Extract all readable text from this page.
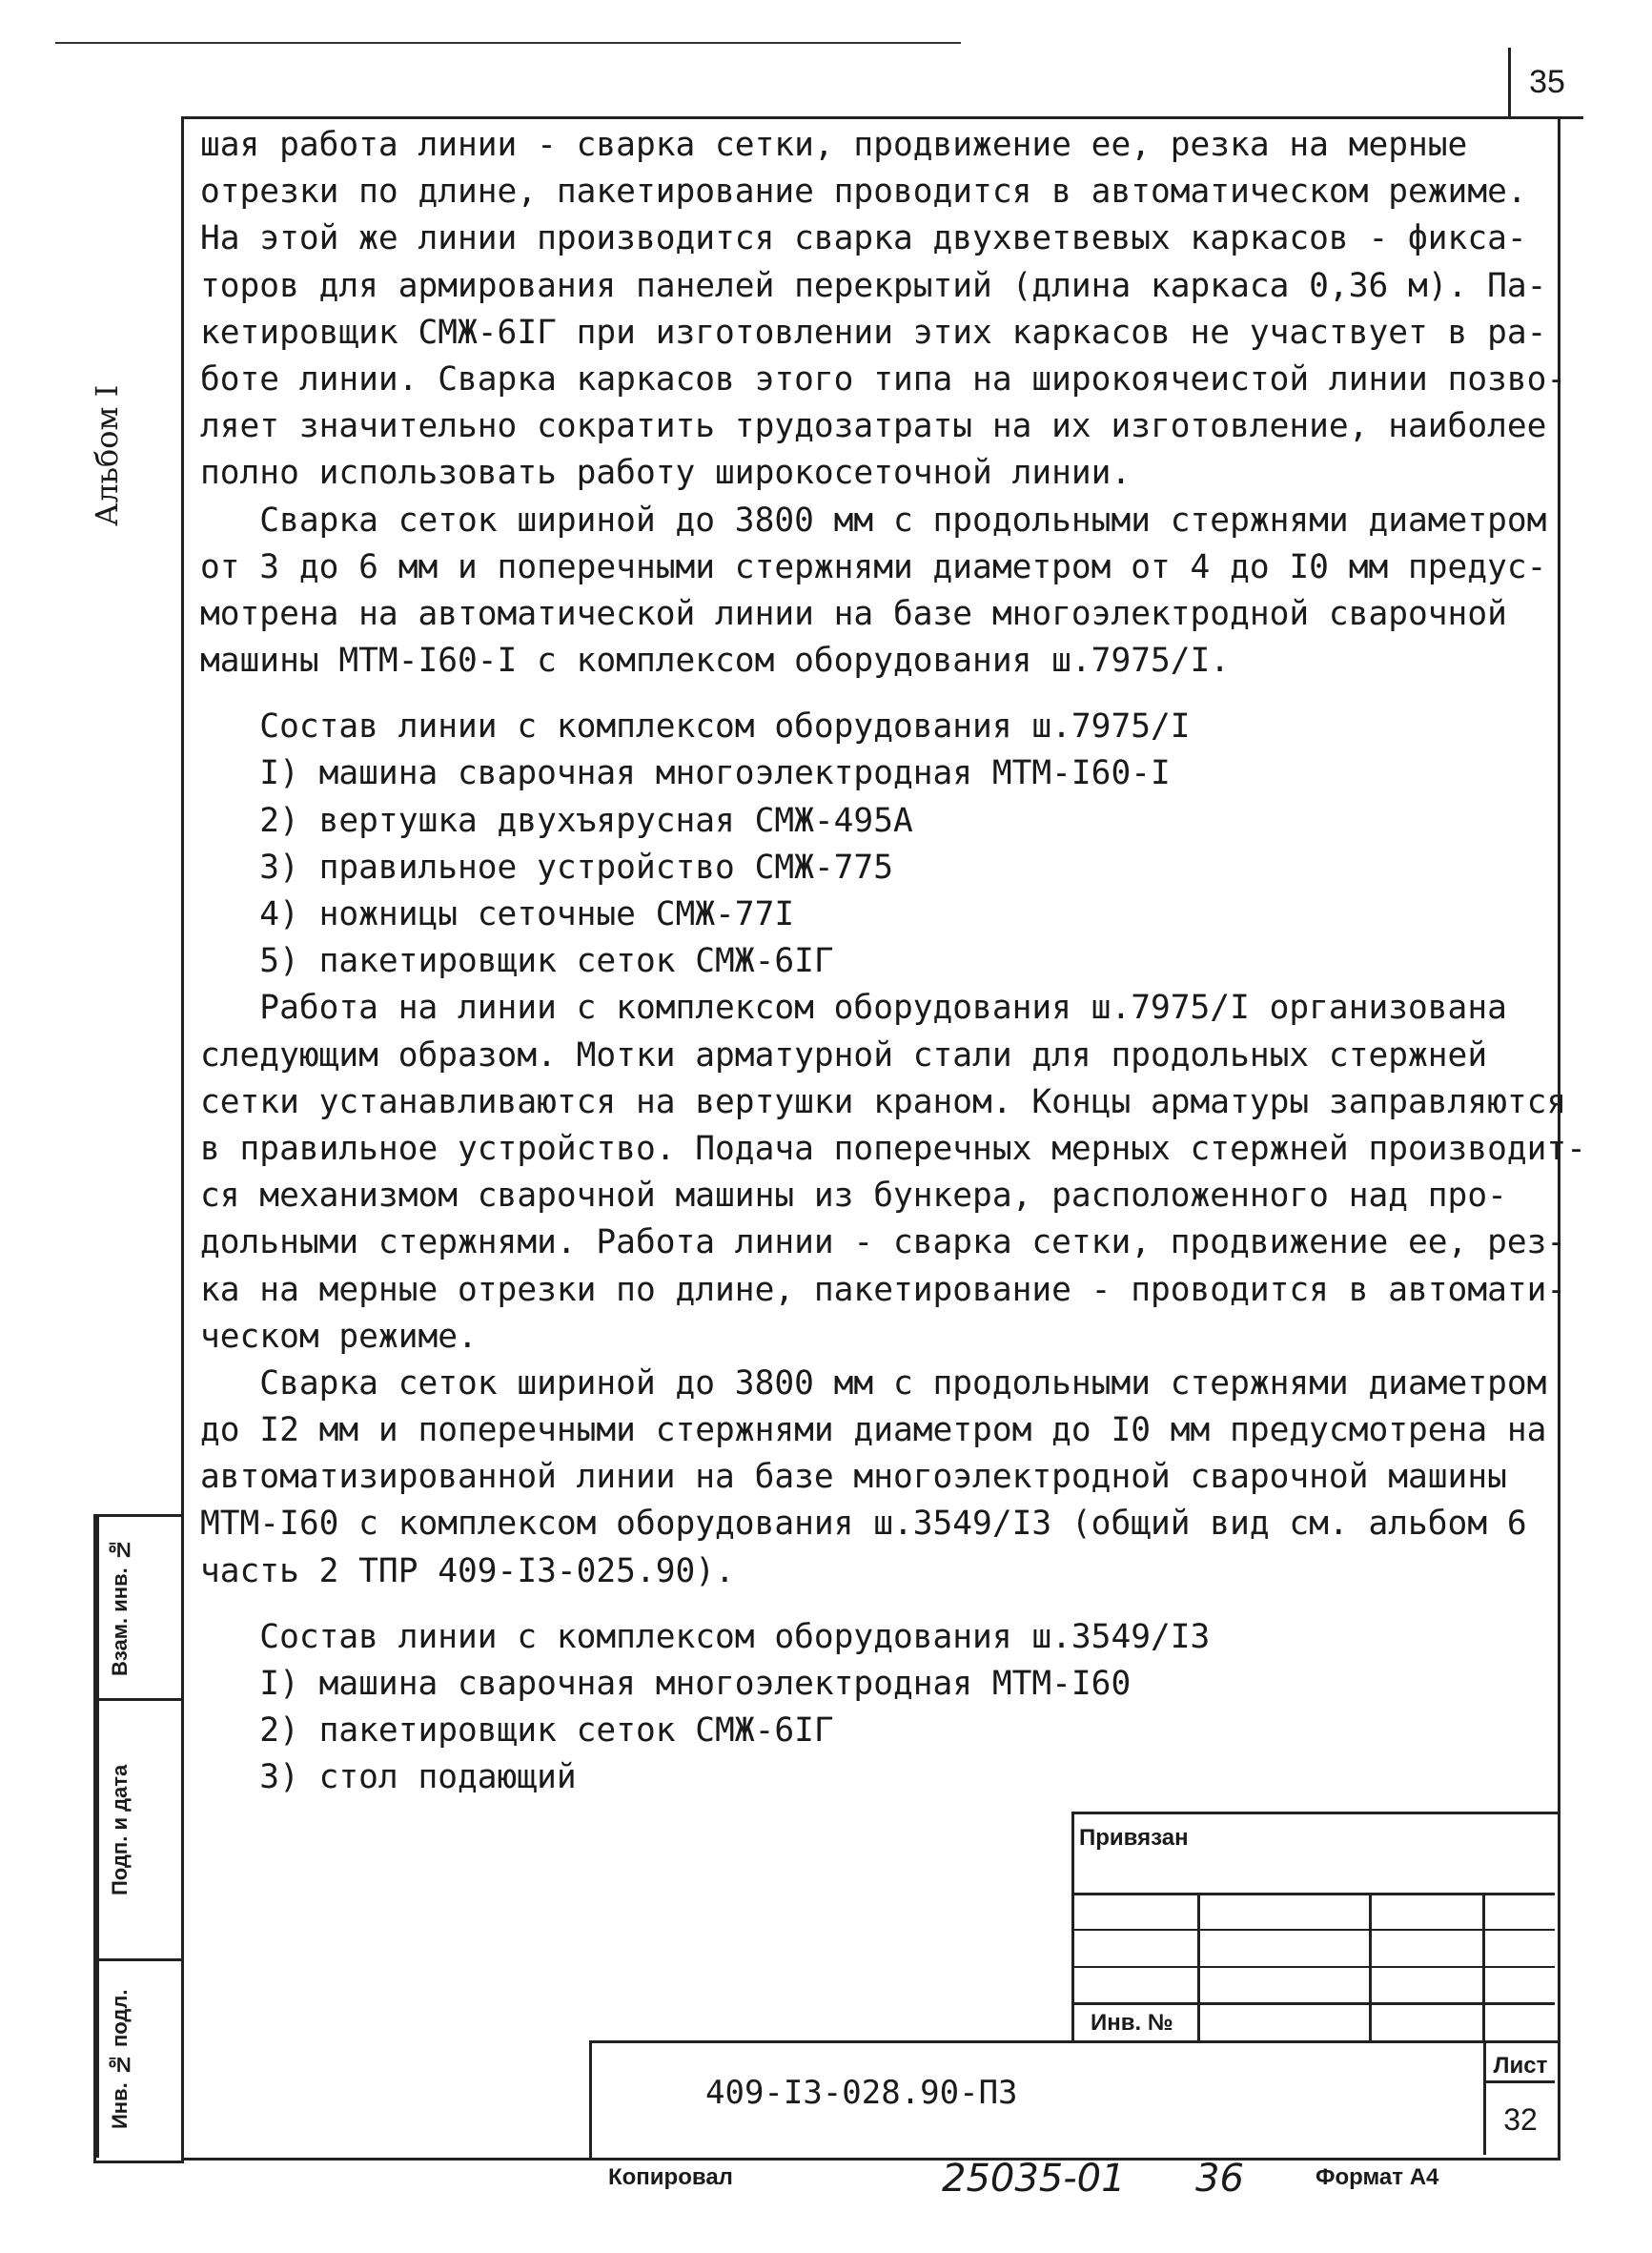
35
Альбом I
Взам. инв. №
Подп. и дата
Инв. № подл.
шая работа линии - сварка сетки, продвижение ее, резка на мерные
отрезки по длине, пакетирование проводится в автоматическом режиме.
На этой же линии производится сварка двухветвевых каркасов - фикса-
торов для армирования панелей перекрытий (длина каркаса 0,36 м). Па-
кетировщик СМЖ-6IГ при изготовлении этих каркасов не участвует в ра-
боте линии. Сварка каркасов этого типа на широкоячеистой линии позво-
ляет значительно сократить трудозатраты на их изготовление, наиболее
полно использовать работу широкосеточной линии.
Сварка сеток шириной до 3800 мм с продольными стержнями диаметром
от 3 до 6 мм и поперечными стержнями диаметром от 4 до I0 мм предус-
мотрена на автоматической линии на базе многоэлектродной сварочной
машины МТМ-I60-I с комплексом оборудования ш.7975/I.
Состав линии с комплексом оборудования ш.7975/I
I) машина сварочная многоэлектродная МТМ-I60-I
2) вертушка двухъярусная СМЖ-495А
3) правильное устройство СМЖ-775
4) ножницы сеточные СМЖ-77I
5) пакетировщик сеток СМЖ-6IГ
Работа на линии с комплексом оборудования ш.7975/I организована
следующим образом. Мотки арматурной стали для продольных стержней
сетки устанавливаются на вертушки краном. Концы арматуры заправляются
в правильное устройство. Подача поперечных мерных стержней производит-
ся механизмом сварочной машины из бункера, расположенного над про-
дольными стержнями. Работа линии - сварка сетки, продвижение ее, рез-
ка на мерные отрезки по длине, пакетирование - проводится в автомати-
ческом режиме.
Сварка сеток шириной до 3800 мм с продольными стержнями диаметром
до I2 мм и поперечными стержнями диаметром до I0 мм предусмотрена на
автоматизированной линии на базе многоэлектродной сварочной машины
МТМ-I60 с комплексом оборудования ш.3549/I3 (общий вид см. альбом 6
часть 2 ТПР 409-I3-025.90).
Состав линии с комплексом оборудования ш.3549/I3
I) машина сварочная многоэлектродная МТМ-I60
2) пакетировщик сеток СМЖ-6IГ
3) стол подающий
Привязан
Инв. №
409-I3-028.90-ПЗ
Лист
32
Копировал	25035-01 36	Формат А4
